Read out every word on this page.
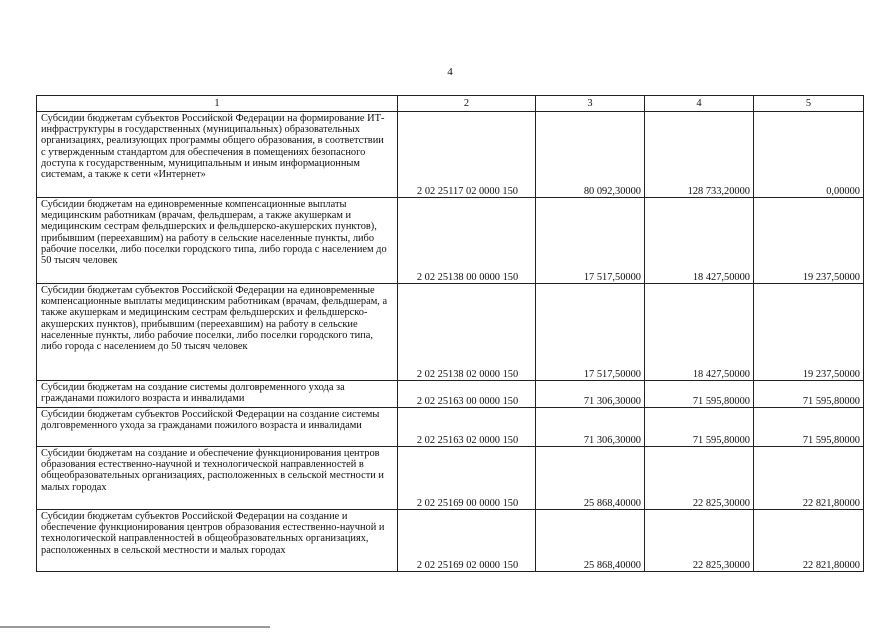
4
1	2	3	4	5
Субсидии бюджетам субъектов Российской Федерации на формирование ИТ-инфраструктуры в государственных (муниципальных) образовательных организациях, реализующих программы общего образования, в соответствии с утвержденным стандартом для обеспечения в помещениях безопасного доступа к государственным, муниципальным и иным информационным системам, а также к сети «Интернет»	2 02 25117 02 0000 150	80 092,30000	128 733,20000	0,00000
Субсидии бюджетам на единовременные компенсационные выплаты медицинским работникам (врачам, фельдшерам, а также акушеркам и медицинским сестрам фельдшерских и фельдшерско-акушерских пунктов), прибывшим (переехавшим) на работу в сельские населенные пункты, либо рабочие поселки, либо поселки городского типа, либо города с населением до 50 тысяч человек	2 02 25138 00 0000 150	17 517,50000	18 427,50000	19 237,50000
Субсидии бюджетам субъектов Российской Федерации на единовременные компенсационные выплаты медицинским работникам (врачам, фельдшерам, а также акушеркам и медицинским сестрам фельдшерских и фельдшерско-акушерских пунктов), прибывшим (переехавшим) на работу в сельские населенные пункты, либо рабочие поселки, либо поселки городского типа, либо города с населением до 50 тысяч человек	2 02 25138 02 0000 150	17 517,50000	18 427,50000	19 237,50000
Субсидии бюджетам на создание системы долговременного ухода за гражданами пожилого возраста и инвалидами	2 02 25163 00 0000 150	71 306,30000	71 595,80000	71 595,80000
Субсидии бюджетам субъектов Российской Федерации на создание системы долговременного ухода за гражданами пожилого возраста и инвалидами	2 02 25163 02 0000 150	71 306,30000	71 595,80000	71 595,80000
Субсидии бюджетам на создание и обеспечение функционирования центров образования естественно-научной и технологической направленностей в общеобразовательных организациях, расположенных в сельской местности и малых городах	2 02 25169 00 0000 150	25 868,40000	22 825,30000	22 821,80000
Субсидии бюджетам субъектов Российской Федерации на создание и обеспечение функционирования центров образования естественно-научной и технологической направленностей в общеобразовательных организациях, расположенных в сельской местности и малых городах	2 02 25169 02 0000 150	25 868,40000	22 825,30000	22 821,80000
